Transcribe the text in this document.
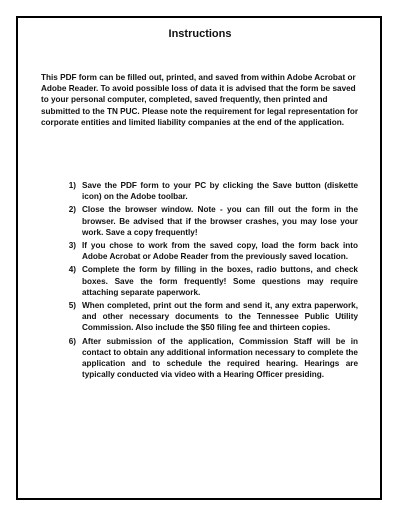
Instructions
This PDF form can be filled out, printed, and saved from within Adobe Acrobat or Adobe Reader. To avoid possible loss of data it is advised that the form be saved to your personal computer, completed, saved frequently, then printed and submitted to the TN PUC. Please note the requirement for legal representation for corporate entities and limited liability companies at the end of the application.
1) Save the PDF form to your PC by clicking the Save button (diskette icon) on the Adobe toolbar.
2) Close the browser window. Note - you can fill out the form in the browser. Be advised that if the browser crashes, you may lose your work. Save a copy frequently!
3) If you chose to work from the saved copy, load the form back into Adobe Acrobat or Adobe Reader from the previously saved location.
4) Complete the form by filling in the boxes, radio buttons, and check boxes. Save the form frequently! Some questions may require attaching separate paperwork.
5) When completed, print out the form and send it, any extra paperwork, and other necessary documents to the Tennessee Public Utility Commission. Also include the $50 filing fee and thirteen copies.
6) After submission of the application, Commission Staff will be in contact to obtain any additional information necessary to complete the application and to schedule the required hearing. Hearings are typically conducted via video with a Hearing Officer presiding.
